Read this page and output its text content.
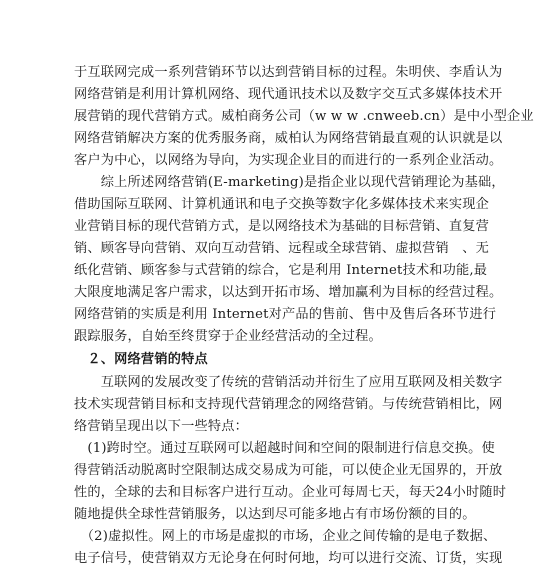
于互联网完成一系列营销环节以达到营销目标的过程。朱明侠、李盾认为
网络营销是利用计算机网络、现代通讯技术以及数字交互式多媒体技术开
展营销的现代营销方式。威柏商务公司（w w w .cnweeb.cn）是中小型企业
网络营销解决方案的优秀服务商，威柏认为网络营销最直观的认识就是以
客户为中心，以网络为导向，为实现企业目的而进行的一系列企业活动。
　　综上所述网络营销(E-marketing)是指企业以现代营销理论为基础，
借助国际互联网、计算机通讯和电子交换等数字化多媒体技术来实现企
业营销目标的现代营销方式，是以网络技术为基础的目标营销、直复营
销、顾客导向营销、双向互动营销、远程或全球营销、虚拟营销　、无
纸化营销、顾客参与式营销的综合，它是利用 Internet技术和功能,最
大限度地满足客户需求，以达到开拓市场、增加赢利为目标的经营过程。
网络营销的实质是利用 Internet对产品的售前、售中及售后各环节进行
跟踪服务，自始至终贯穿于企业经营活动的全过程。
　２、网络营销的特点
　　互联网的发展改变了传统的营销活动并衍生了应用互联网及相关数字
技术实现营销目标和支持现代营销理念的网络营销。与传统营销相比，网
络营销呈现出以下一些特点：
　(1)跨时空。通过互联网可以超越时间和空间的限制进行信息交换。使
得营销活动脱离时空限制达成交易成为可能，可以使企业无国界的，开放
性的，全球的去和目标客户进行互动。企业可每周七天，每天24小时随时
随地提供全球性营销服务，以达到尽可能多地占有市场份额的目的。
　（2)虚拟性。网上的市场是虚拟的市场，企业之间传输的是电子数据、
电子信号，使营销双方无论身在何时何地，均可以进行交流、订货，实现
